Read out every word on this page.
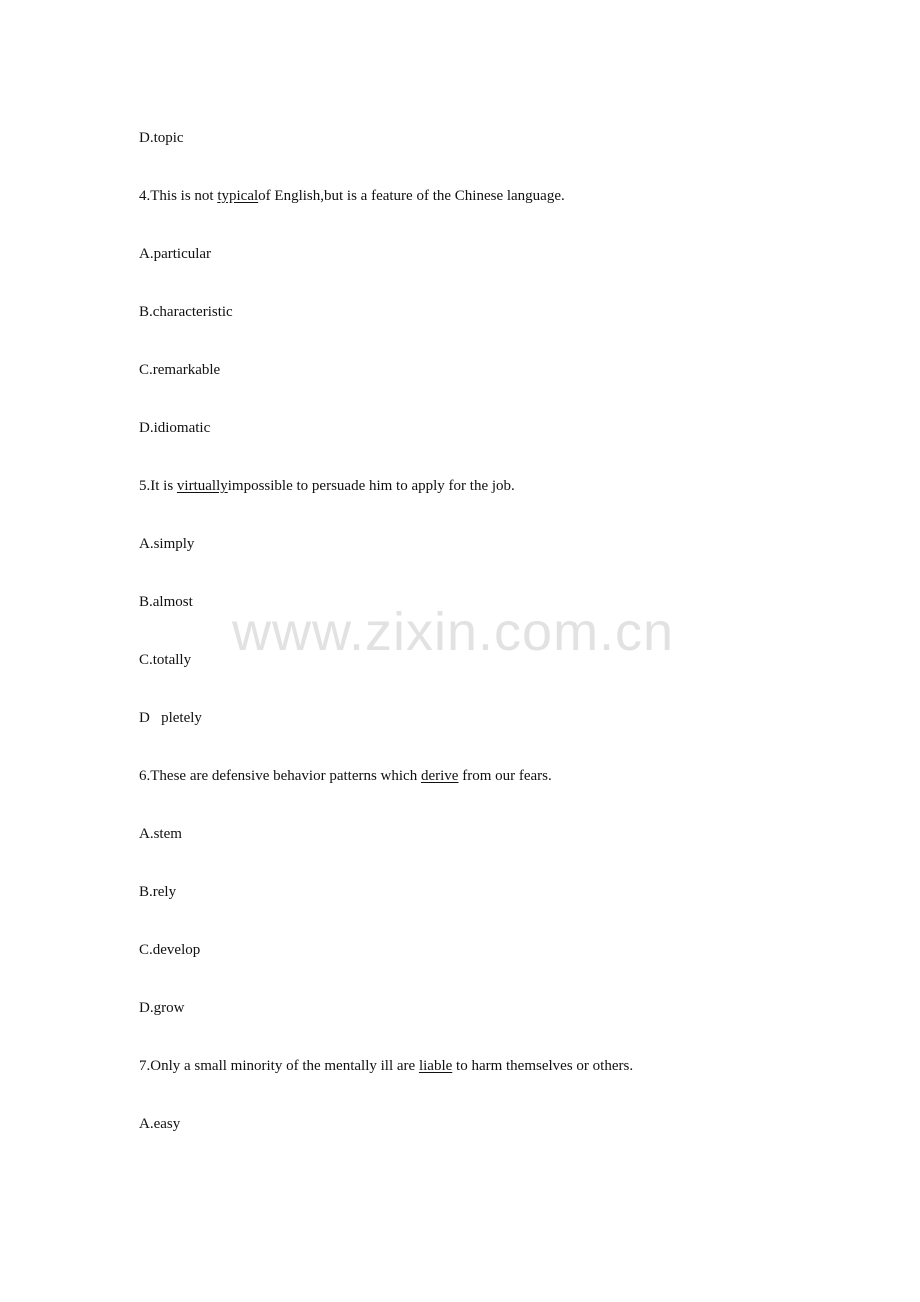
www.zixin.com.cn
D.topic
4.This is not typicalof English,but is a feature of the Chinese language.
A.particular
B.characteristic
C.remarkable
D.idiomatic
5.It is virtuallyimpossible to persuade him to apply for the job.
A.simply
B.almost
C.totally
D   pletely
6.These are defensive behavior patterns which derive from our fears.
A.stem
B.rely
C.develop
D.grow
7.Only a small minority of the mentally ill are liable to harm themselves or others.
A.easy
